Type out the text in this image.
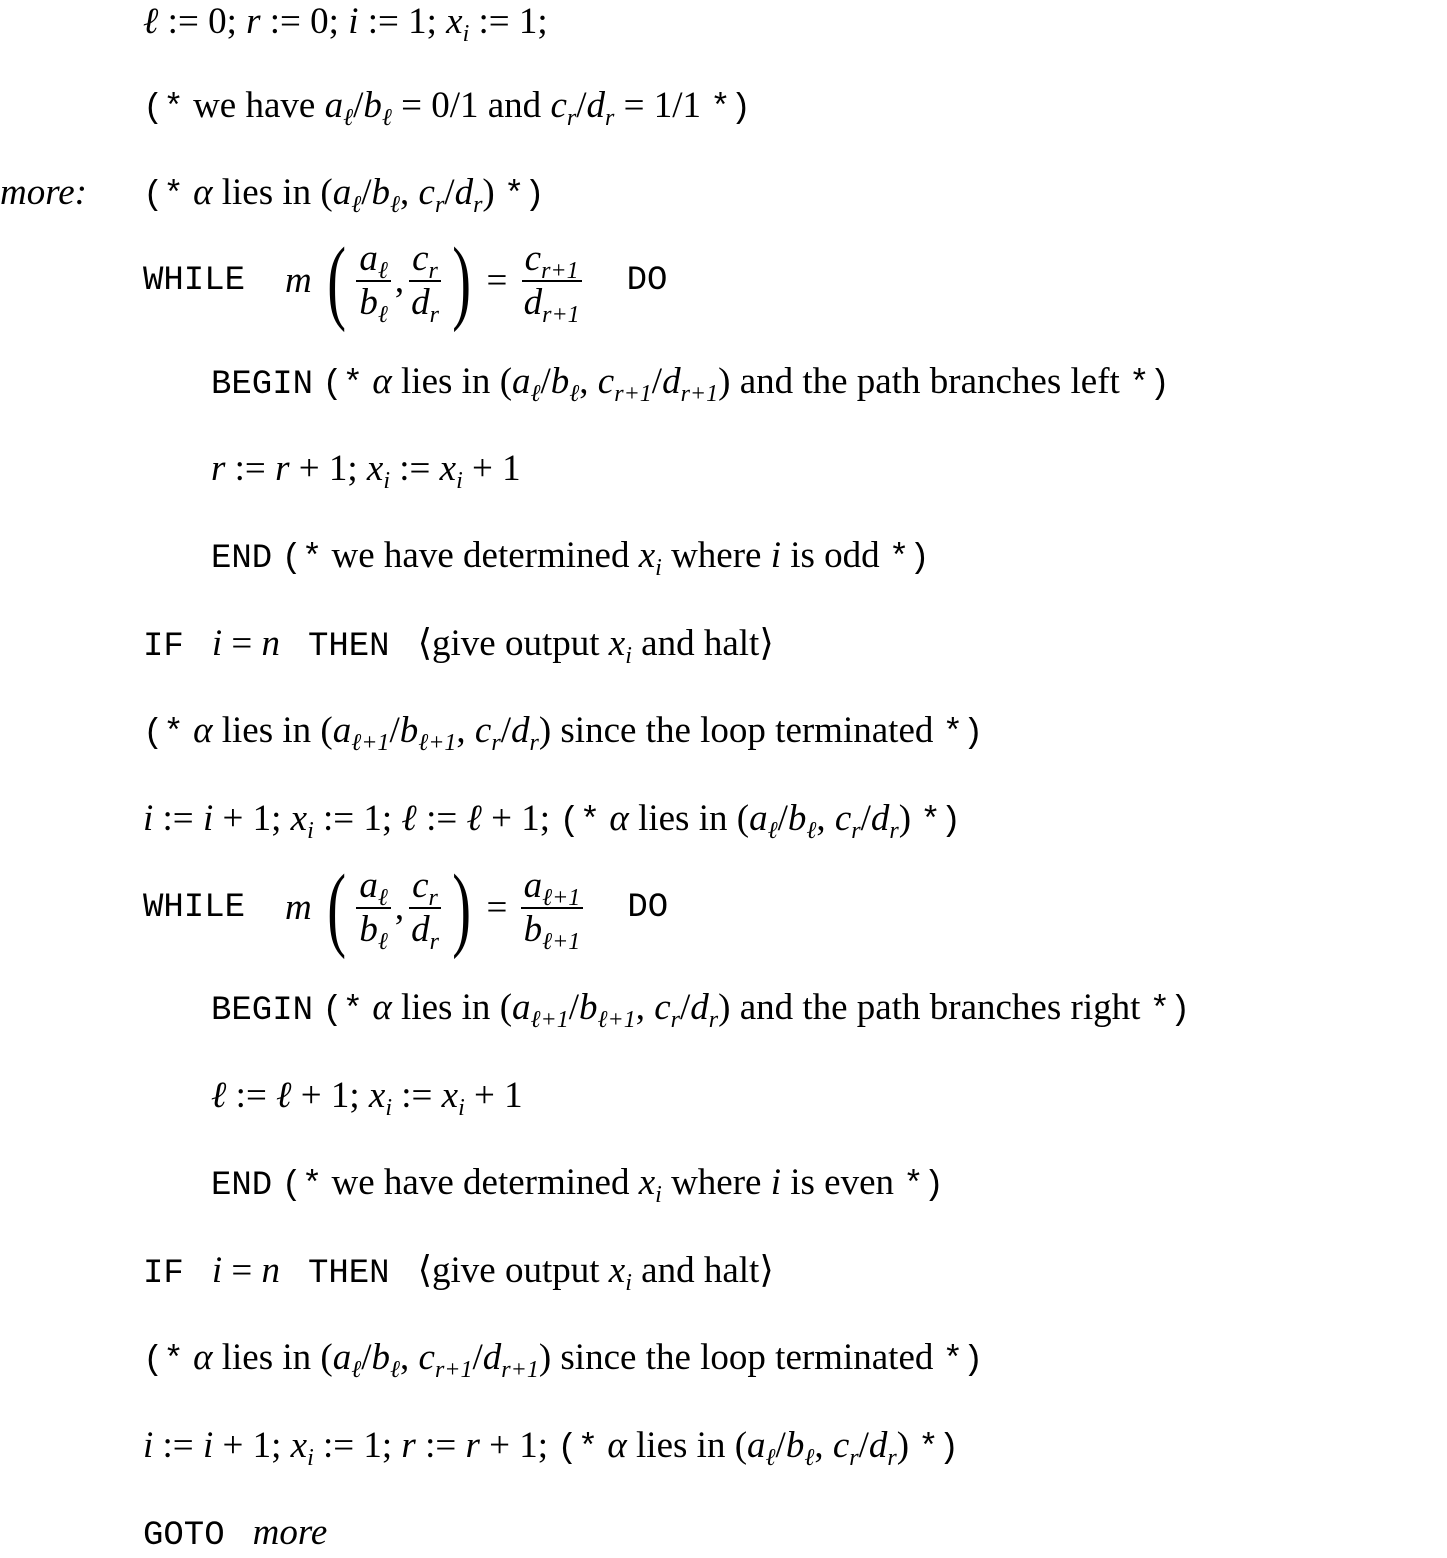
ℓ := 0; r := 0; i := 1; $x_i$ := 1;
(* we have $a_\ell/b_\ell = 0/1$ and $c_r/d_r = 1/1$ *)
more: (* α lies in ($a_\ell/b_\ell$, $c_r/d_r$) *)
WHILE m
( $\frac{a_\ell}{b_\ell}$ , $\frac{c_r}{d_r}$ ) = $\frac{c_{r+1}}{d_{r+1}}$ DO
BEGIN (* α lies in ($a_\ell/b_\ell$, $c_{r+1}/d_{r+1}$) and the path branches left *)
r := r + 1; $x_i$ := $x_i + 1$
END (* we have determined $x_i$ where i is odd *)
IF i = n THEN ⟨give output $x_i$ and halt⟩
(* α lies in ($a_{\ell+1}/b_{\ell+1}$, $c_r/d_r$) since the loop terminated *)
i := i + 1; $x_i$ := 1; ℓ := ℓ + 1; (* α lies in ($a_\ell/b_\ell$, $c_r/d_r$) *)
WHILE m
( $\frac{a_\ell}{b_\ell}$ , $\frac{c_r}{d_r}$ ) = $\frac{a_{\ell+1}}{b_{\ell+1}}$ DO
BEGIN (* α lies in ($a_{\ell+1}/b_{\ell+1}$, $c_r/d_r$) and the path branches right *)
ℓ := ℓ + 1; $x_i$ := $x_i + 1$
END (* we have determined $x_i$ where i is even *)
IF i = n THEN ⟨give output $x_i$ and halt⟩
(* α lies in ($a_\ell/b_\ell$, $c_{r+1}/d_{r+1}$) since the loop terminated *)
i := i + 1; $x_i$ := 1; r := r + 1; (* α lies in ($a_\ell/b_\ell$, $c_r/d_r$) *)
GOTO more
